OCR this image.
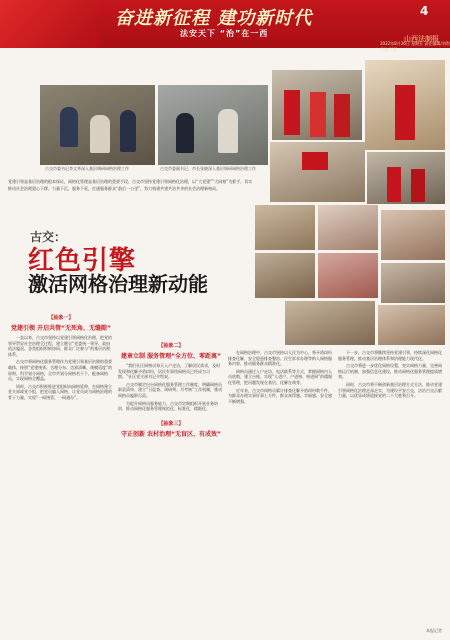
奋进新征程 建功新时代
法安天下 “治”在一西
4
山西法制报
2022年8月26日 星期五 责任编辑/刘利 美编/王莉
古交市委书记李文华深入基层调研网格治理工作	古交市委副书记、市长张晓深入基层调研网格治理工作
党建引领是基层治理的根本保证，网格化管理是基层治理的重要手段。古交市坚持党建引领网格化治理，以“大党建”“大网格”为抓手，切实推动社会治理重心下移、力量下沉、服务下延，打通服务群众“最后一公里”，努力构建共建共治共享的社会治理新格局。
古交：
红色引擎
激活网格治理新动能
【抽象一】
党建引领 开启共管“无死角、无缝隙”

一直以来，古交市坚持以党建引领网格化治理，把党的领导贯穿社会治理全过程，建立健全“党委统一领导、政府依法履责、各类组织积极协同、群众广泛参与”的基层治理体系。

古交市将网格化服务管理作为党建引领基层治理的重要载体，按照“党建统领、合理分布、边界清晰、规模适度”的原则，科学划分网格，全市共划分网格若干个，配备网格员，实现网格全覆盖。

同时，古交市积极推进党组织向网格延伸，在网格建立党支部或党小组，把党员编入网格，让党员成为网格治理的骨干力量，实现“一网统管、一网通办”。

【抽象二】
建章立制 服务管理“全方位、零距离”

“我们社区网格员每天入户走访，了解居民需求，及时发现和化解矛盾纠纷，居民有事找网格员已经成为习惯。”社区党支部书记介绍说。

古交市制定出台网格化服务管理工作制度，明确网格员职责清单，建立“日巡查、周研判、月考核”工作机制，推动网格员履职尽责。

为提升网格员服务能力，古交市定期组织开展业务培训，推动网格化服务管理规范化、标准化、精细化。

【抽象三】
守正创新 农村治理“无盲区、有成效”

在网格治理中，古交市坚持以人民为中心，将矛盾纠纷排查化解、安全隐患排查整治、民生诉求办理等纳入网格服务内容，推动服务群众精准化。

网格员通过入户走访、电话联系等方式，掌握网格内人员底数，建立台账，实现“人进户、户进格、格进网”的精细化管理，把问题发现在基层、化解在萌芽。

近年来，古交市网格员累计排查化解矛盾纠纷数千件，为群众办理实事好事上万件，群众获得感、幸福感、安全感不断增强。

下一步，古交市将继续坚持党建引领，持续深化网格化服务管理，推动基层治理体系和治理能力现代化。

古交市将进一步优化网格设置，充实网格力量，完善网格运行机制，加强信息化建设，推动网格化服务管理提质增效。

同时，古交市将不断创新基层治理方式方法，推动党建引领网格化治理走深走实，为建设平安古交、法治古交贡献力量，以优异成绩迎接党的二十大胜利召开。

本报记者
